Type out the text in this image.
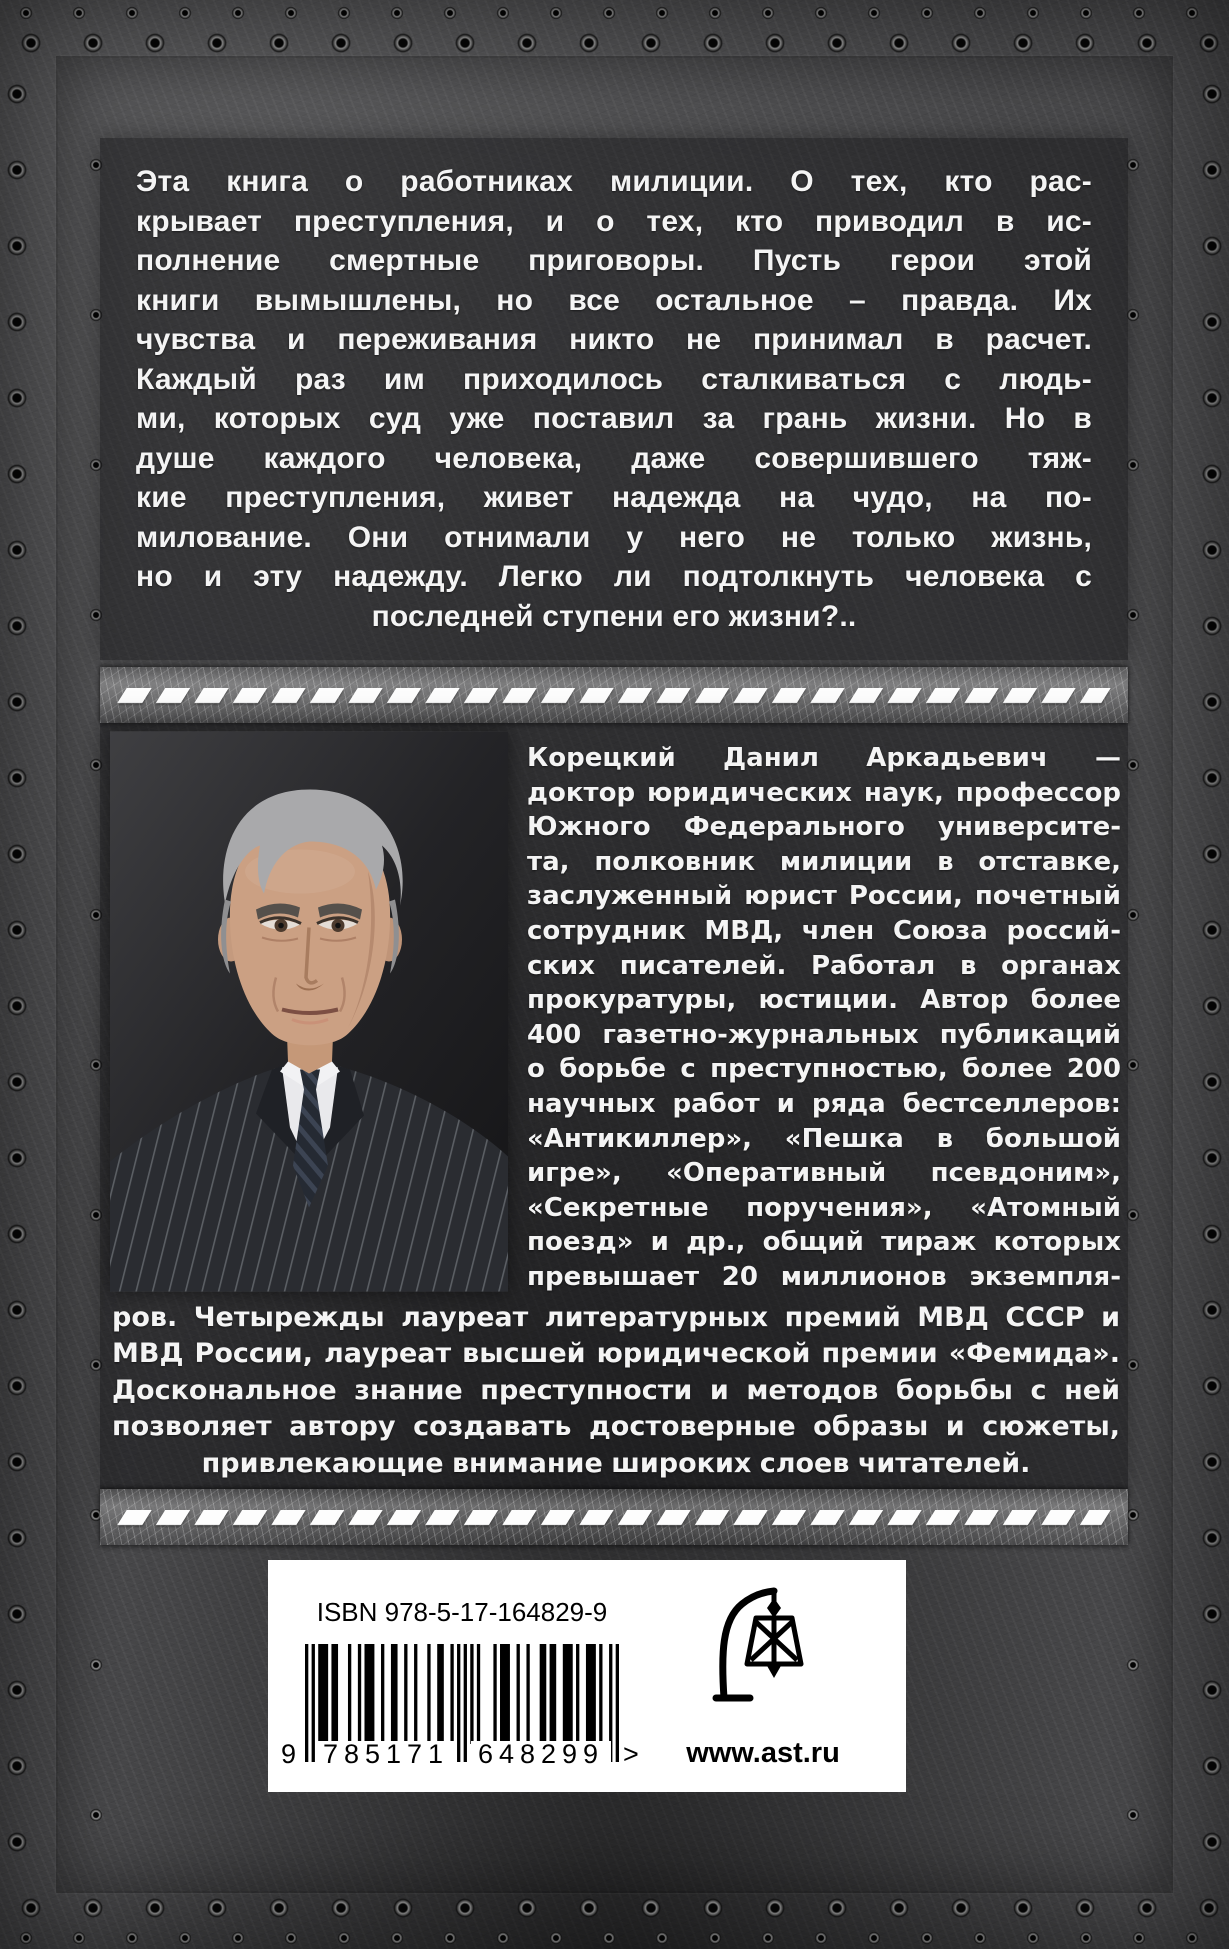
Эта книга о работниках милиции. О тех, кто рас-
крывает преступления, и о тех, кто приводил в ис-
полнение смертные приговоры. Пусть герои этой
книги вымышлены, но все остальное – правда. Их
чувства и переживания никто не принимал в расчет.
Каждый раз им приходилось сталкиваться с людь-
ми, которых суд уже поставил за грань жизни. Но в
душе каждого человека, даже совершившего тяж-
кие преступления, живет надежда на чудо, на по-
милование. Они отнимали у него не только жизнь,
но и эту надежду. Легко ли подтолкнуть человека с
последней ступени его жизни?..
Корецкий Данил Аркадьевич —
доктор юридических наук, профессор
Южного Федерального университе-
та, полковник милиции в отставке,
заслуженный юрист России, почетный
сотрудник МВД, член Союза россий-
ских писателей. Работал в органах
прокуратуры, юстиции. Автор более
400 газетно-журнальных публикаций
о борьбе с преступностью, более 200
научных работ и ряда бестселлеров:
«Антикиллер», «Пешка в большой
игре», «Оперативный псевдоним»,
«Секретные поручения», «Атомный
поезд» и др., общий тираж которых
превышает 20 миллионов экземпля-
ров. Четырежды лауреат литературных премий МВД СССР и
МВД России, лауреат высшей юридической премии «Фемида».
Доскональное знание преступности и методов борьбы с ней
позволяет автору создавать достоверные образы и сюжеты,
привлекающие внимание широких слоев читателей.
ISBN 978-5-17-164829-9
9 785171 648299 >	www.ast.ru
